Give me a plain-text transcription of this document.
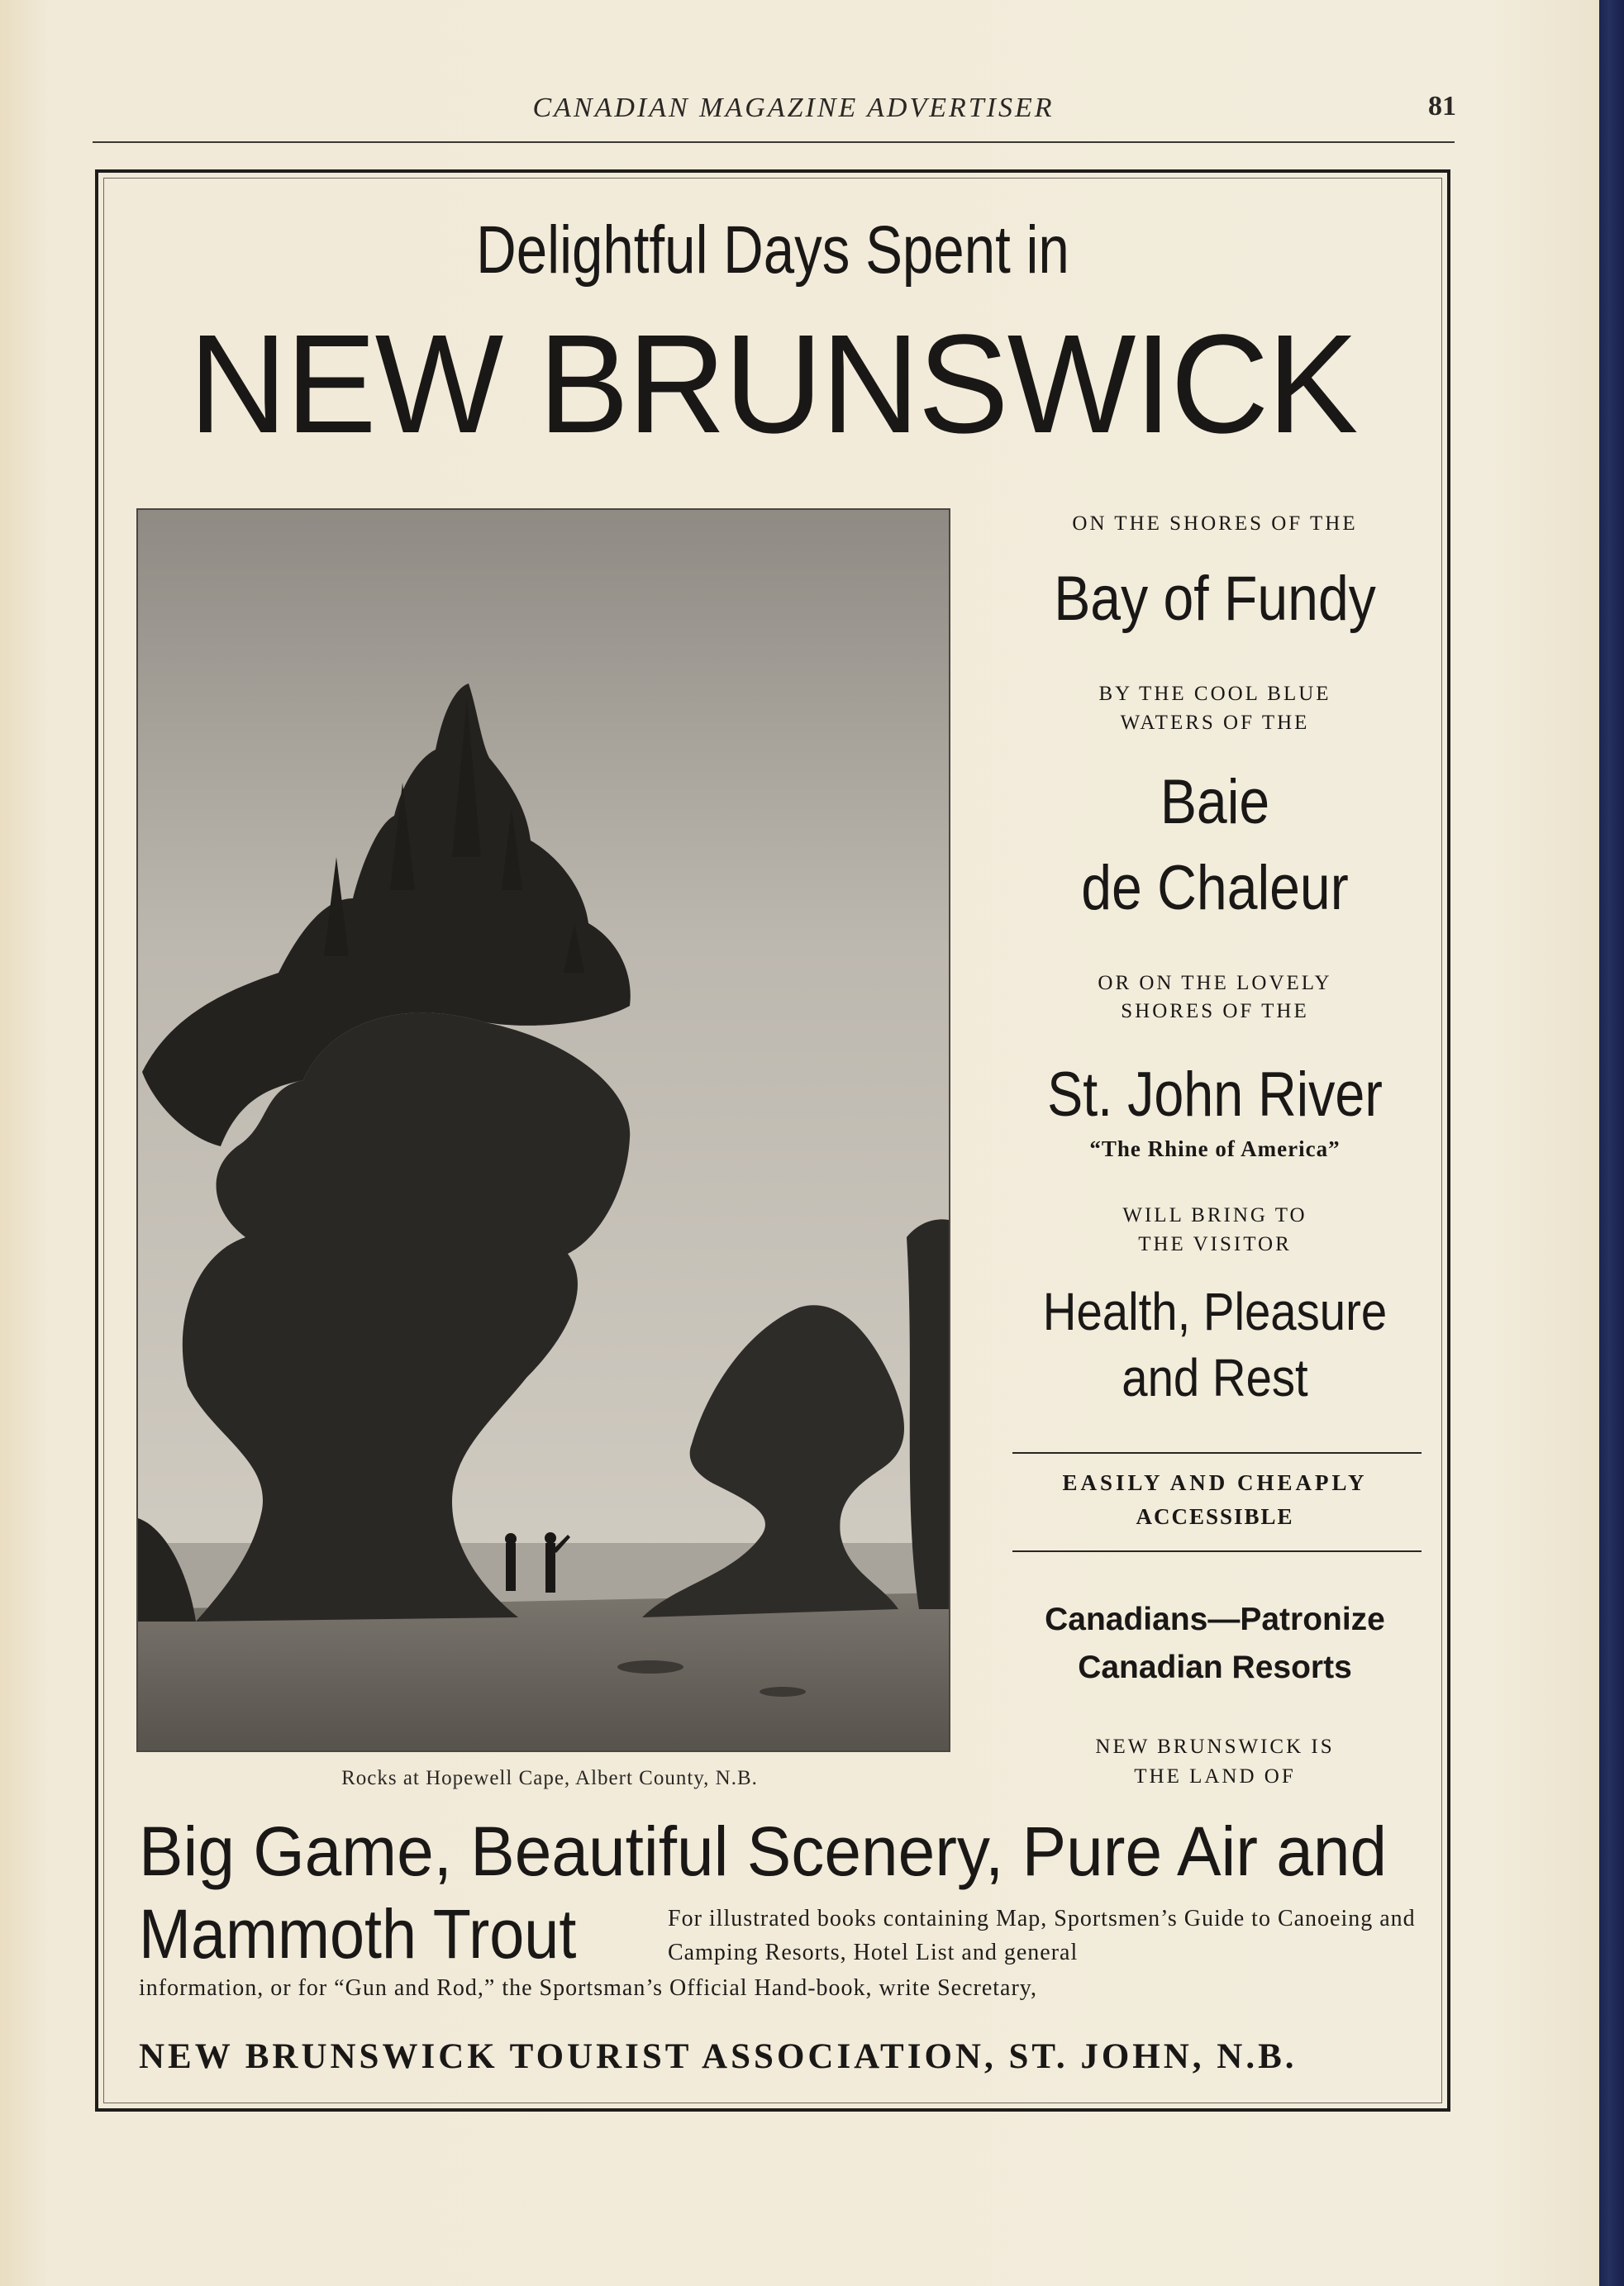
CANADIAN MAGAZINE ADVERTISER	81
Delightful Days Spent in
NEW BRUNSWICK
Rocks at Hopewell Cape, Albert County, N.B.
ON THE SHORES OF THE
Bay of Fundy
BY THE COOL BLUE
WATERS OF THE
Baie
de Chaleur
OR ON THE LOVELY
SHORES OF THE
St. John River
“The Rhine of America”
WILL BRING TO
THE VISITOR
Health, Pleasure
and Rest
EASILY AND CHEAPLY
ACCESSIBLE
Canadians—Patronize
Canadian Resorts
NEW BRUNSWICK IS
THE LAND OF
Big Game, Beautiful Scenery, Pure Air and
Mammoth Trout	For illustrated books containing Map, Sportsmen’s Guide to Canoeing and Camping Resorts, Hotel List and general
information, or for “Gun and Rod,” the Sportsman’s Official Hand-book, write Secretary,
NEW BRUNSWICK TOURIST ASSOCIATION, ST. JOHN, N.B.
